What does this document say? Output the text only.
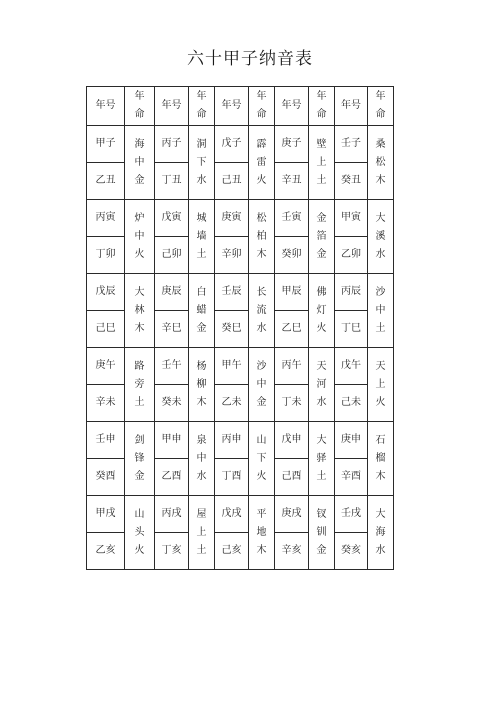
六十甲子纳音表
年号	年命	年号	年命	年号	年命	年号	年命	年号	年命
甲子	海中金	丙子	洞下水	戊子	霹雷火	庚子	壁上土	壬子	桑松木
乙丑		丁丑		己丑		辛丑		癸丑	
丙寅	炉中火	戊寅	城墙土	庚寅	松柏木	壬寅	金箔金	甲寅	大溪水
丁卯		己卯		辛卯		癸卯		乙卯	
戊辰	大林木	庚辰	白蜡金	壬辰	长流水	甲辰	佛灯火	丙辰	沙中土
己巳		辛巳		癸巳		乙巳		丁巳	
庚午	路旁土	壬午	杨柳木	甲午	沙中金	丙午	天河水	戊午	天上火
辛未		癸未		乙未		丁未		己未	
壬申	剑锋金	甲申	泉中水	丙申	山下火	戊申	大驿土	庚申	石榴木
癸酉		乙酉		丁酉		己酉		辛酉	
甲戌	山头火	丙戌	屋上土	戊戌	平地木	庚戌	钗钏金	壬戌	大海水
乙亥		丁亥		己亥		辛亥		癸亥	
